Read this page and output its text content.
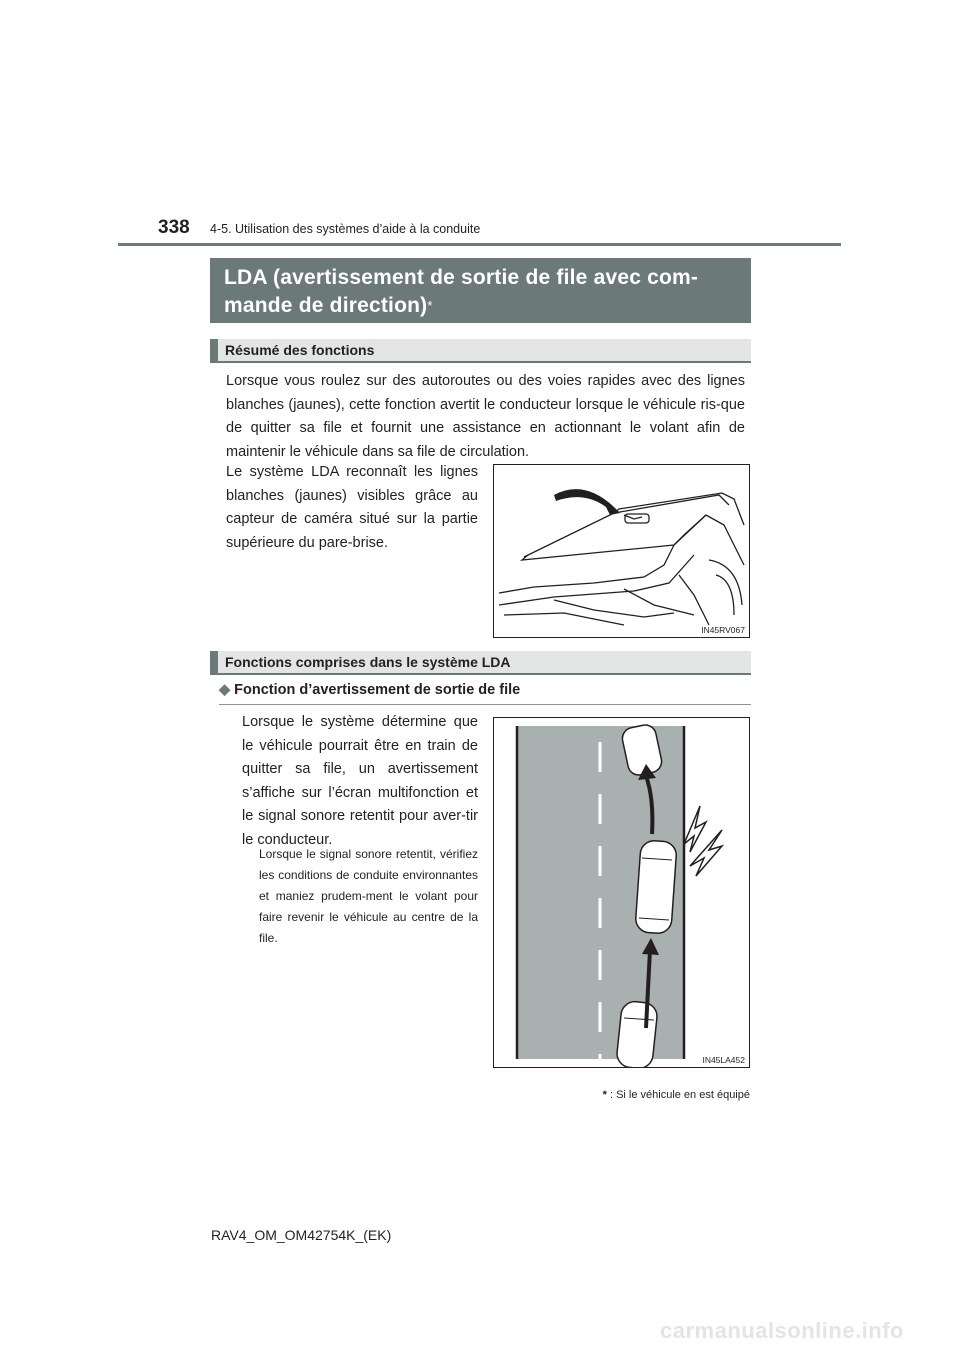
338 4-5. Utilisation des systèmes d’aide à la conduite
LDA (avertissement de sortie de file avec com-
mande de direction)*
Résumé des fonctions
Lorsque vous roulez sur des autoroutes ou des voies rapides avec des lignes blanches (jaunes), cette fonction avertit le conducteur lorsque le véhicule ris-que de quitter sa file et fournit une assistance en actionnant le volant afin de maintenir le véhicule dans sa file de circulation.
Le système LDA reconnaît les lignes blanches (jaunes) visibles grâce au capteur de caméra situé sur la partie supérieure du pare-brise.
IN45RV067
Fonctions comprises dans le système LDA
◆ Fonction d’avertissement de sortie de file
Lorsque le système détermine que le véhicule pourrait être en train de quitter sa file, un avertissement s’affiche sur l’écran multifonction et le signal sonore retentit pour aver-tir le conducteur.
Lorsque le signal sonore retentit, vérifiez les conditions de conduite environnantes et maniez prudem-ment le volant pour faire revenir le véhicule au centre de la file.
IN45LA452
* : Si le véhicule en est équipé
RAV4_OM_OM42754K_(EK)
carmanualsonline.info
